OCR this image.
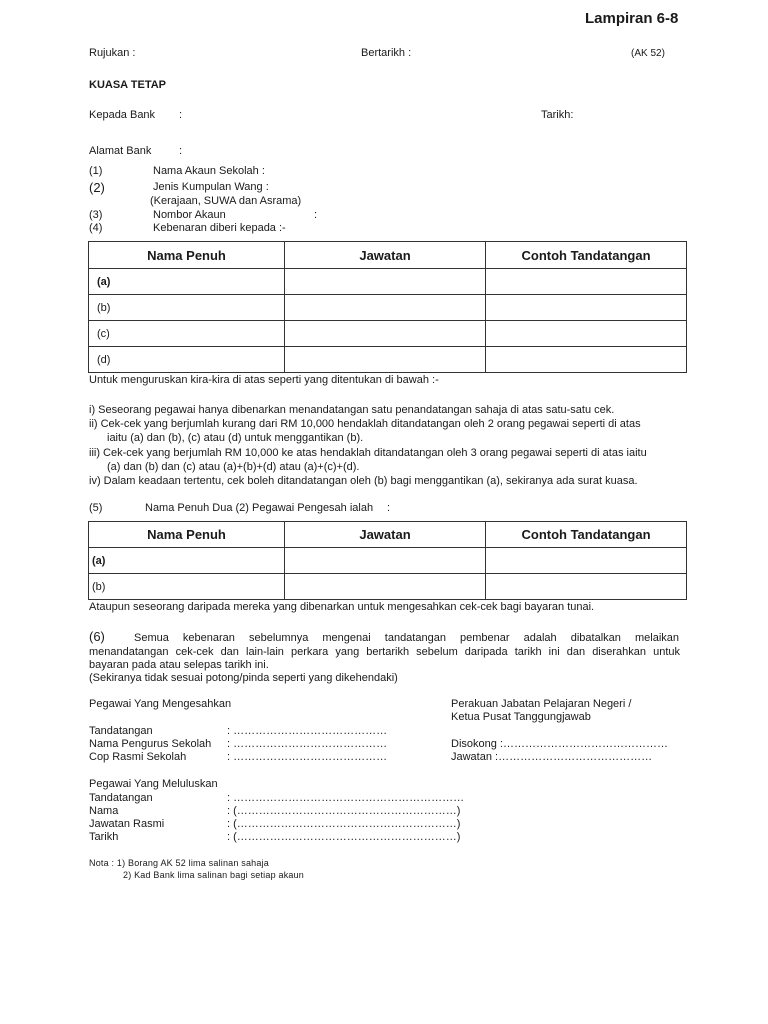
Lampiran 6-8
Rujukan :	Bertarikh :	(AK 52)
KUASA TETAP
Kepada Bank :	Tarikh:
Alamat Bank	:
(1)	Nama Akaun Sekolah :
(2)	Jenis Kumpulan Wang :
(Kerajaan, SUWA dan Asrama)
(3)	Nombor Akaun	:
(4)	Kebenaran diberi kepada :-
Nama Penuh	Jawatan	Contoh Tandatangan
(a)		
(b)		
(c)		
(d)		
Untuk menguruskan kira-kira di atas seperti yang ditentukan di bawah :-
i) Seseorang pegawai hanya dibenarkan menandatangan satu penandatangan sahaja di atas satu-satu cek.
ii) Cek-cek yang berjumlah kurang dari RM 10,000 hendaklah ditandatangan oleh 2 orang pegawai seperti di atas
iaitu (a) dan (b), (c) atau (d) untuk menggantikan (b).
iii) Cek-cek yang berjumlah RM 10,000 ke atas hendaklah ditandatangan oleh 3 orang pegawai seperti di atas iaitu
(a) dan (b) dan (c) atau (a)+(b)+(d) atau (a)+(c)+(d).
iv) Dalam keadaan tertentu, cek boleh ditandatangan oleh (b) bagi menggantikan (a), sekiranya ada surat kuasa.
(5)	Nama Penuh Dua (2) Pegawai Pengesah ialah :
Nama Penuh	Jawatan	Contoh Tandatangan
(a)		
(b)		
Ataupun seseorang daripada mereka yang dibenarkan untuk mengesahkan cek-cek bagi bayaran tunai.
(6)	Semua kebenaran sebelumnya mengenai tandatangan pembenar adalah dibatalkan melaikan
menandatangan cek-cek dan lain-lain perkara yang bertarikh sebelum daripada tarikh ini dan diserahkan untuk
bayaran pada atau selepas tarikh ini.
(Sekiranya tidak sesuai potong/pinda seperti yang dikehendaki)
Pegawai Yang Mengesahkan
Tandatangan	: ……………………………………
Nama Pengurus Sekolah : ……………………………………
Cop Rasmi Sekolah	: ……………………………………
Perakuan Jabatan Pelajaran Negeri /
Ketua Pusat Tanggungjawab
Disokong :………………………………………
Jawatan :……………………………………
Pegawai Yang Meluluskan
Tandatangan	: ………………………………………………………
Nama	: (……………………………………………………)
Jawatan Rasmi	: (……………………………………………………)
Tarikh	: (……………………………………………………)
Nota : 1) Borang AK 52 lima salinan sahaja
2) Kad Bank lima salinan bagi setiap akaun
